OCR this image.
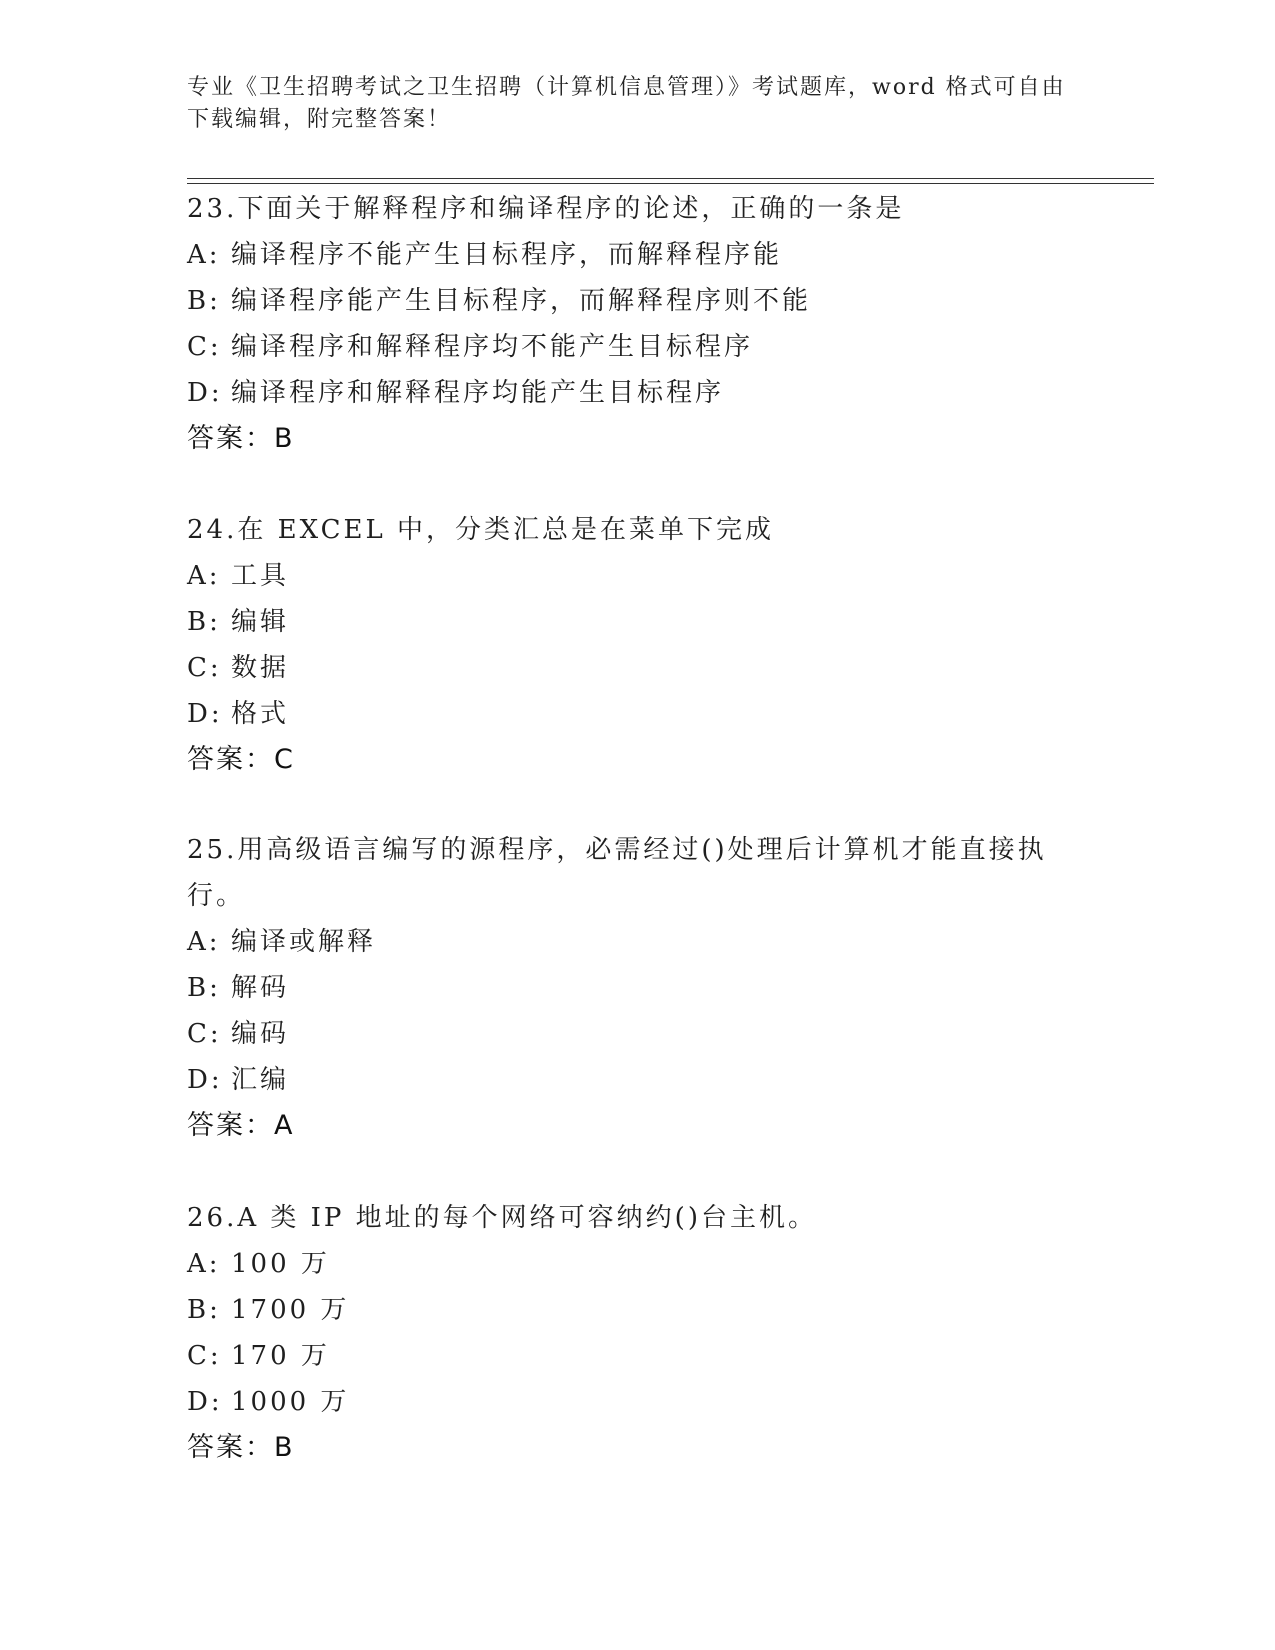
专业《卫生招聘考试之卫生招聘（计算机信息管理）》考试题库，word 格式可自由下载编辑，附完整答案！
23.下面关于解释程序和编译程序的论述，正确的一条是
A: 编译程序不能产生目标程序，而解释程序能
B: 编译程序能产生目标程序，而解释程序则不能
C: 编译程序和解释程序均不能产生目标程序
D: 编译程序和解释程序均能产生目标程序
答案：B
24.在 EXCEL 中，分类汇总是在菜单下完成
A: 工具
B: 编辑
C: 数据
D: 格式
答案：C
25.用高级语言编写的源程序，必需经过()处理后计算机才能直接执行。
A: 编译或解释
B: 解码
C: 编码
D: 汇编
答案：A
26.A 类 IP 地址的每个网络可容纳约()台主机。
A: 100 万
B: 1700 万
C: 170 万
D: 1000 万
答案：B
